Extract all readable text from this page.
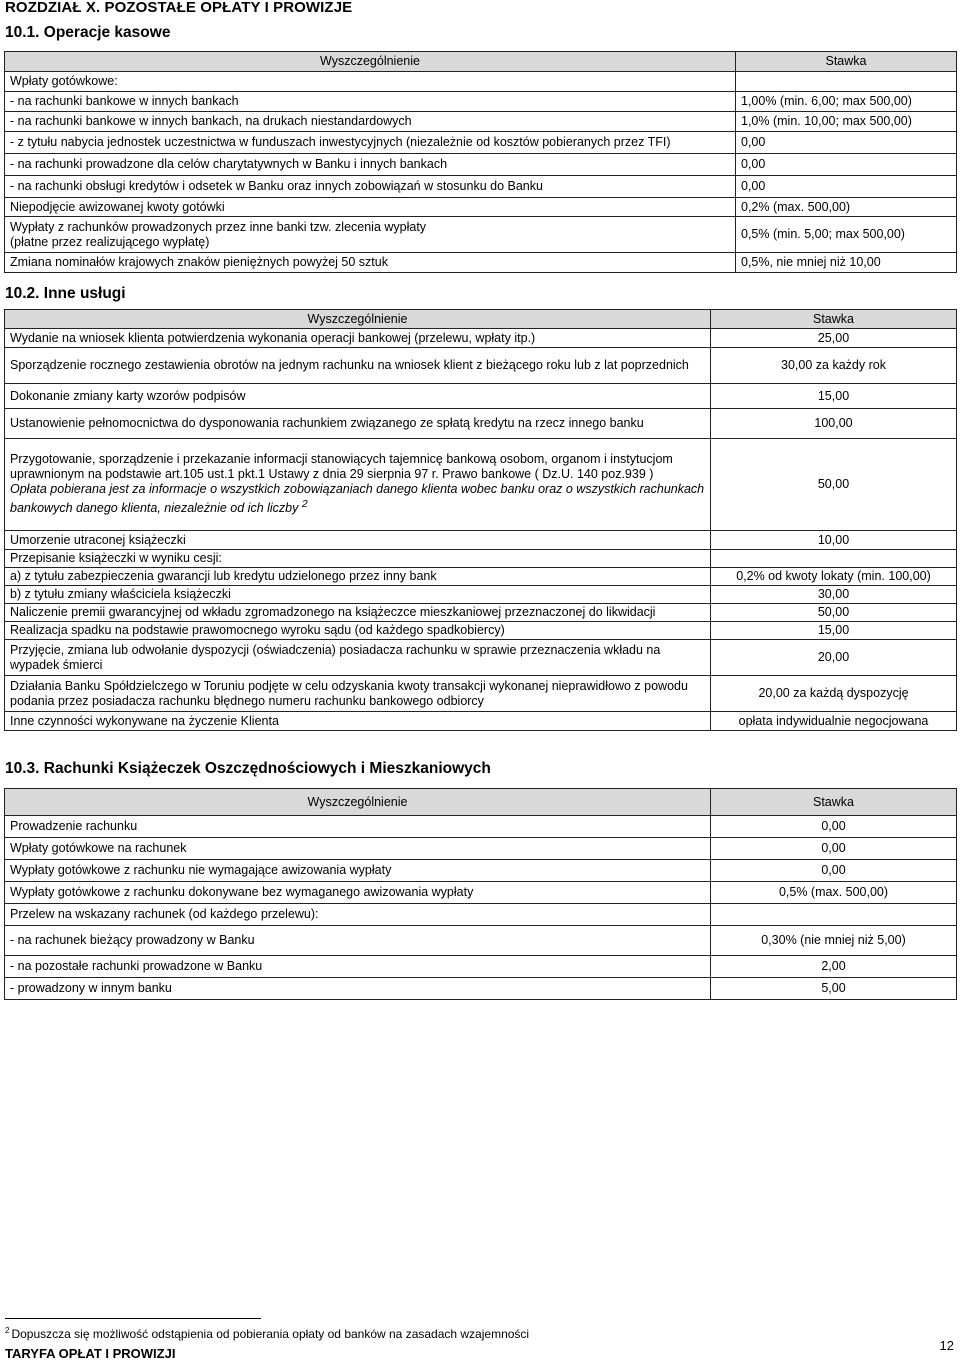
ROZDZIAŁ X. POZOSTAŁE OPŁATY I PROWIZJE
10.1. Operacje kasowe
Wyszczególnienie	Stawka
Wpłaty gotówkowe:	
- na rachunki bankowe w innych bankach	1,00% (min. 6,00; max 500,00)
- na rachunki bankowe w innych bankach, na drukach niestandardowych	1,0% (min. 10,00; max 500,00)
- z tytułu nabycia jednostek uczestnictwa w funduszach inwestycyjnych (niezależnie od kosztów pobieranych przez TFI)	0,00
- na rachunki prowadzone dla celów charytatywnych w Banku i innych bankach	0,00
- na rachunki obsługi kredytów i odsetek w Banku oraz innych zobowiązań w stosunku do Banku	0,00
Niepodjęcie awizowanej kwoty gotówki	0,2% (max. 500,00)

Wypłaty z rachunków prowadzonych przez inne banki tzw. zlecenia wypłaty
(płatne przez realizującego wypłatę)	0,5% (min. 5,00; max 500,00)
Zmiana nominałów krajowych znaków pieniężnych powyżej 50 sztuk	0,5%, nie mniej niż 10,00
10.2. Inne usługi
Wyszczególnienie	Stawka
Wydanie na wniosek klienta potwierdzenia wykonania operacji bankowej (przelewu, wpłaty itp.)	25,00
Sporządzenie rocznego zestawienia obrotów na jednym rachunku na wniosek klient z bieżącego roku lub z lat poprzednich	30,00 za każdy rok
Dokonanie zmiany karty wzorów podpisów	15,00
Ustanowienie pełnomocnictwa do dysponowania rachunkiem związanego ze spłatą kredytu na rzecz innego banku	100,00

Przygotowanie, sporządzenie i przekazanie informacji stanowiących tajemnicę bankową osobom, organom i instytucjom uprawnionym na podstawie art.105 ust.1 pkt.1 Ustawy z dnia 29 sierpnia 97 r. Prawo bankowe ( Dz.U. 140 poz.939 )
Opłata pobierana jest za informacje o wszystkich zobowiązaniach danego klienta wobec banku oraz o wszystkich rachunkach bankowych danego klienta, niezależnie od ich liczby $^2$	50,00
Umorzenie utraconej książeczki	10,00
Przepisanie książeczki w wyniku cesji:	
a) z tytułu zabezpieczenia gwarancji lub kredytu udzielonego przez inny bank	0,2% od kwoty lokaty (min. 100,00)
b) z tytułu zmiany właściciela książeczki	30,00
Naliczenie premii gwarancyjnej od wkładu zgromadzonego na książeczce mieszkaniowej przeznaczonej do likwidacji	50,00
Realizacja spadku na podstawie prawomocnego wyroku sądu (od każdego spadkobiercy)	15,00
Przyjęcie, zmiana lub odwołanie dyspozycji (oświadczenia) posiadacza rachunku w sprawie przeznaczenia wkładu na wypadek śmierci	20,00
Działania Banku Spółdzielczego w Toruniu podjęte w celu odzyskania kwoty transakcji wykonanej nieprawidłowo z powodu podania przez posiadacza rachunku błędnego numeru rachunku bankowego odbiorcy	20,00 za każdą dyspozycję
Inne czynności wykonywane na życzenie Klienta	opłata indywidualnie negocjowana
10.3. Rachunki Książeczek Oszczędnościowych i Mieszkaniowych
Wyszczególnienie	Stawka
Prowadzenie rachunku	0,00
Wpłaty gotówkowe na rachunek	0,00
Wypłaty gotówkowe z rachunku nie wymagające awizowania wypłaty	0,00
Wypłaty gotówkowe z rachunku dokonywane bez wymaganego awizowania wypłaty	0,5% (max. 500,00)
Przelew na wskazany rachunek (od każdego przelewu):	
- na rachunek bieżący prowadzony w Banku	0,30% (nie mniej niż 5,00)
- na pozostałe rachunki prowadzone w Banku	2,00
- prowadzony w innym banku	5,00
$^2$ Dopuszcza się możliwość odstąpienia od pobierania opłaty od banków na zasadach wzajemności
TARYFA OPŁAT I PROWIZJI
12
